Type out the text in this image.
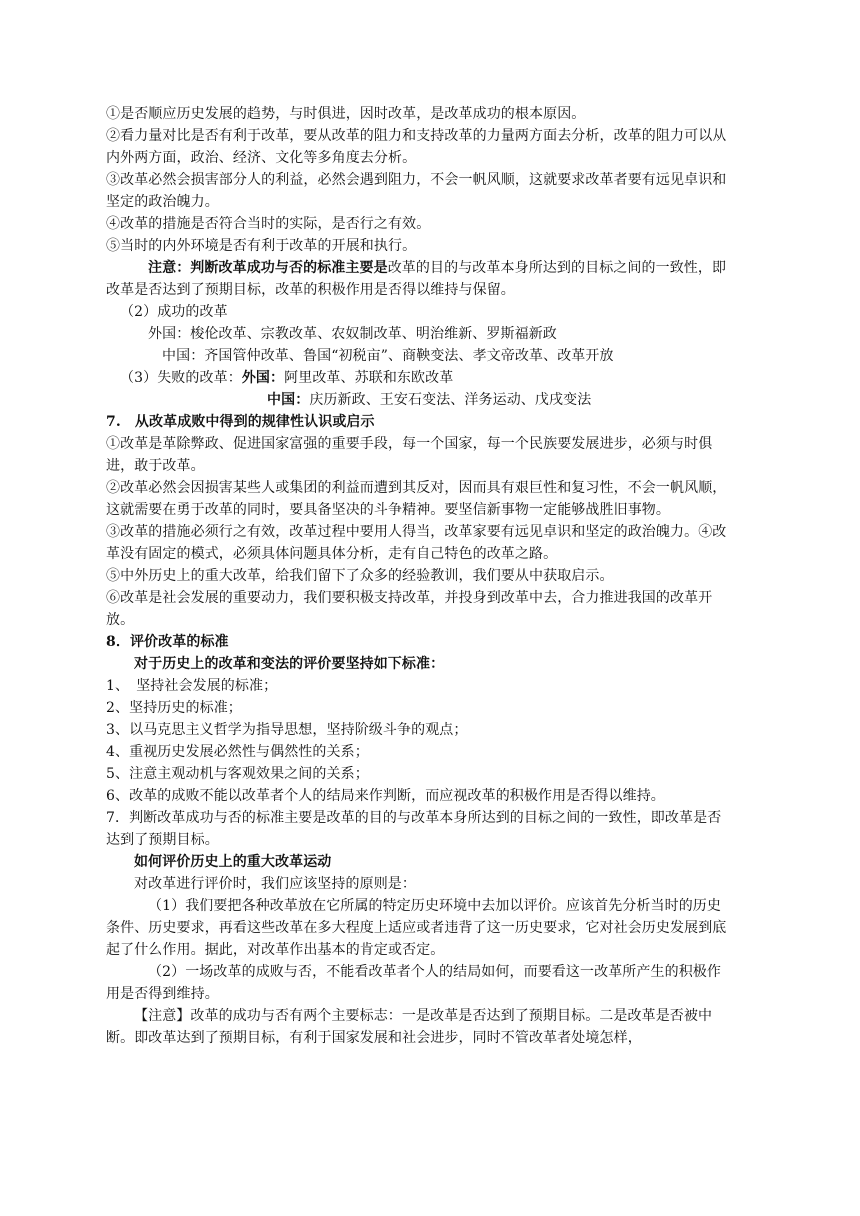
①是否顺应历史发展的趋势，与时俱进，因时改革，是改革成功的根本原因。

②看力量对比是否有利于改革，要从改革的阻力和支持改革的力量两方面去分析，改革的阻力可以从内外两方面，政治、经济、文化等多角度去分析。

③改革必然会损害部分人的利益，必然会遇到阻力，不会一帆风顺，这就要求改革者要有远见卓识和坚定的政治魄力。

④改革的措施是否符合当时的实际，是否行之有效。

⑤当时的内外环境是否有利于改革的开展和执行。

注意：判断改革成功与否的标准主要是改革的目的与改革本身所达到的目标之间的一致性，即改革是否达到了预期目标，改革的积极作用是否得以维持与保留。

（2）成功的改革

外国：梭伦改革、宗教改革、农奴制改革、明治维新、罗斯福新政

中国：齐国管仲改革、鲁国“初税亩”、商鞅变法、孝文帝改革、改革开放

（3）失败的改革：外国：阿里改革、苏联和东欧改革

中国：庆历新政、王安石变法、洋务运动、戊戌变法

7.　从改革成败中得到的规律性认识或启示

①改革是革除弊政、促进国家富强的重要手段，每一个国家，每一个民族要发展进步，必须与时俱进，敢于改革。

②改革必然会因损害某些人或集团的利益而遭到其反对，因而具有艰巨性和复习性，不会一帆风顺，这就需要在勇于改革的同时，要具备坚决的斗争精神。要坚信新事物一定能够战胜旧事物。

③改革的措施必须行之有效，改革过程中要用人得当，改革家要有远见卓识和坚定的政治魄力。④改革没有固定的模式，必须具体问题具体分析，走有自己特色的改革之路。

⑤中外历史上的重大改革，给我们留下了众多的经验教训，我们要从中获取启示。

⑥改革是社会发展的重要动力，我们要积极支持改革，并投身到改革中去，合力推进我国的改革开放。

8．评价改革的标准

对于历史上的改革和变法的评价要坚持如下标准：

1、　坚持社会发展的标准；

2、坚持历史的标准；

3、以马克思主义哲学为指导思想，坚持阶级斗争的观点；

4、重视历史发展必然性与偶然性的关系；

5、注意主观动机与客观效果之间的关系；

6、改革的成败不能以改革者个人的结局来作判断，而应视改革的积极作用是否得以维持。

7．判断改革成功与否的标准主要是改革的目的与改革本身所达到的目标之间的一致性，即改革是否达到了预期目标。

如何评价历史上的重大改革运动

对改革进行评价时，我们应该坚持的原则是：

（1）我们要把各种改革放在它所属的特定历史环境中去加以评价。应该首先分析当时的历史条件、历史要求，再看这些改革在多大程度上适应或者违背了这一历史要求，它对社会历史发展到底起了什么作用。据此，对改革作出基本的肯定或否定。

（2）一场改革的成败与否，不能看改革者个人的结局如何，而要看这一改革所产生的积极作用是否得到维持。

【注意】改革的成功与否有两个主要标志：一是改革是否达到了预期目标。二是改革是否被中断。即改革达到了预期目标，有利于国家发展和社会进步，同时不管改革者处境怎样，
